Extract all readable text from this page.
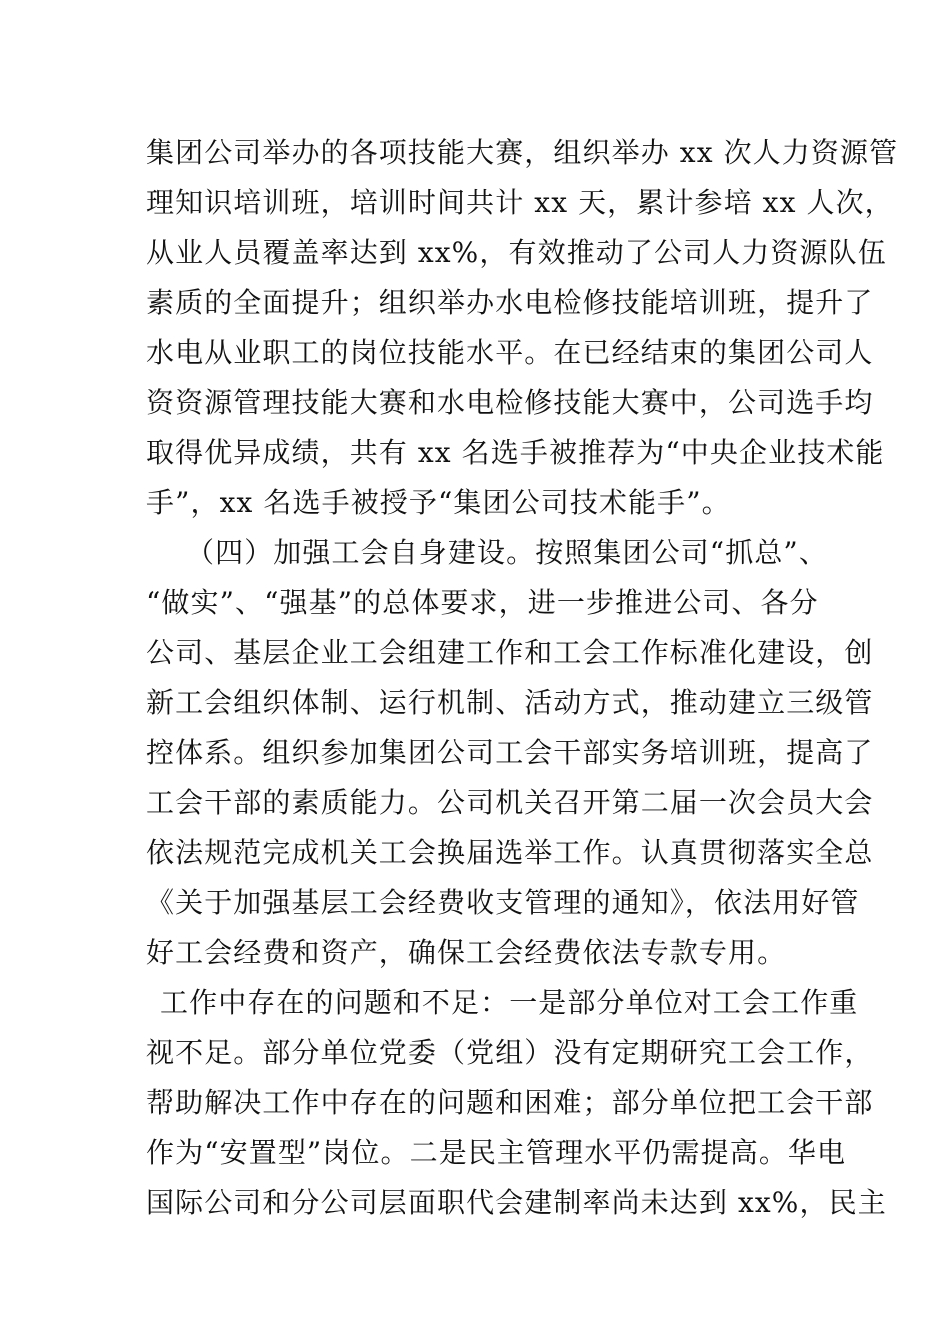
集团公司举办的各项技能大赛，组织举办 xx 次人力资源管
理知识培训班，培训时间共计 xx 天，累计参培 xx 人次，
从业人员覆盖率达到 xx%，有效推动了公司人力资源队伍
素质的全面提升；组织举办水电检修技能培训班，提升了
水电从业职工的岗位技能水平。在已经结束的集团公司人
资资源管理技能大赛和水电检修技能大赛中，公司选手均
取得优异成绩，共有 xx 名选手被推荐为“中央企业技术能
手”，xx 名选手被授予“集团公司技术能手”。
（四）加强工会自身建设。按照集团公司“抓总”、
“做实”、“强基”的总体要求，进一步推进公司、各分
公司、基层企业工会组建工作和工会工作标准化建设，创
新工会组织体制、运行机制、活动方式，推动建立三级管
控体系。组织参加集团公司工会干部实务培训班，提高了
工会干部的素质能力。公司机关召开第二届一次会员大会
依法规范完成机关工会换届选举工作。认真贯彻落实全总
《关于加强基层工会经费收支管理的通知》，依法用好管
好工会经费和资产，确保工会经费依法专款专用。
工作中存在的问题和不足：一是部分单位对工会工作重
视不足。部分单位党委（党组）没有定期研究工会工作，
帮助解决工作中存在的问题和困难；部分单位把工会干部
作为“安置型”岗位。二是民主管理水平仍需提高。华电
国际公司和分公司层面职代会建制率尚未达到 xx%，民主
